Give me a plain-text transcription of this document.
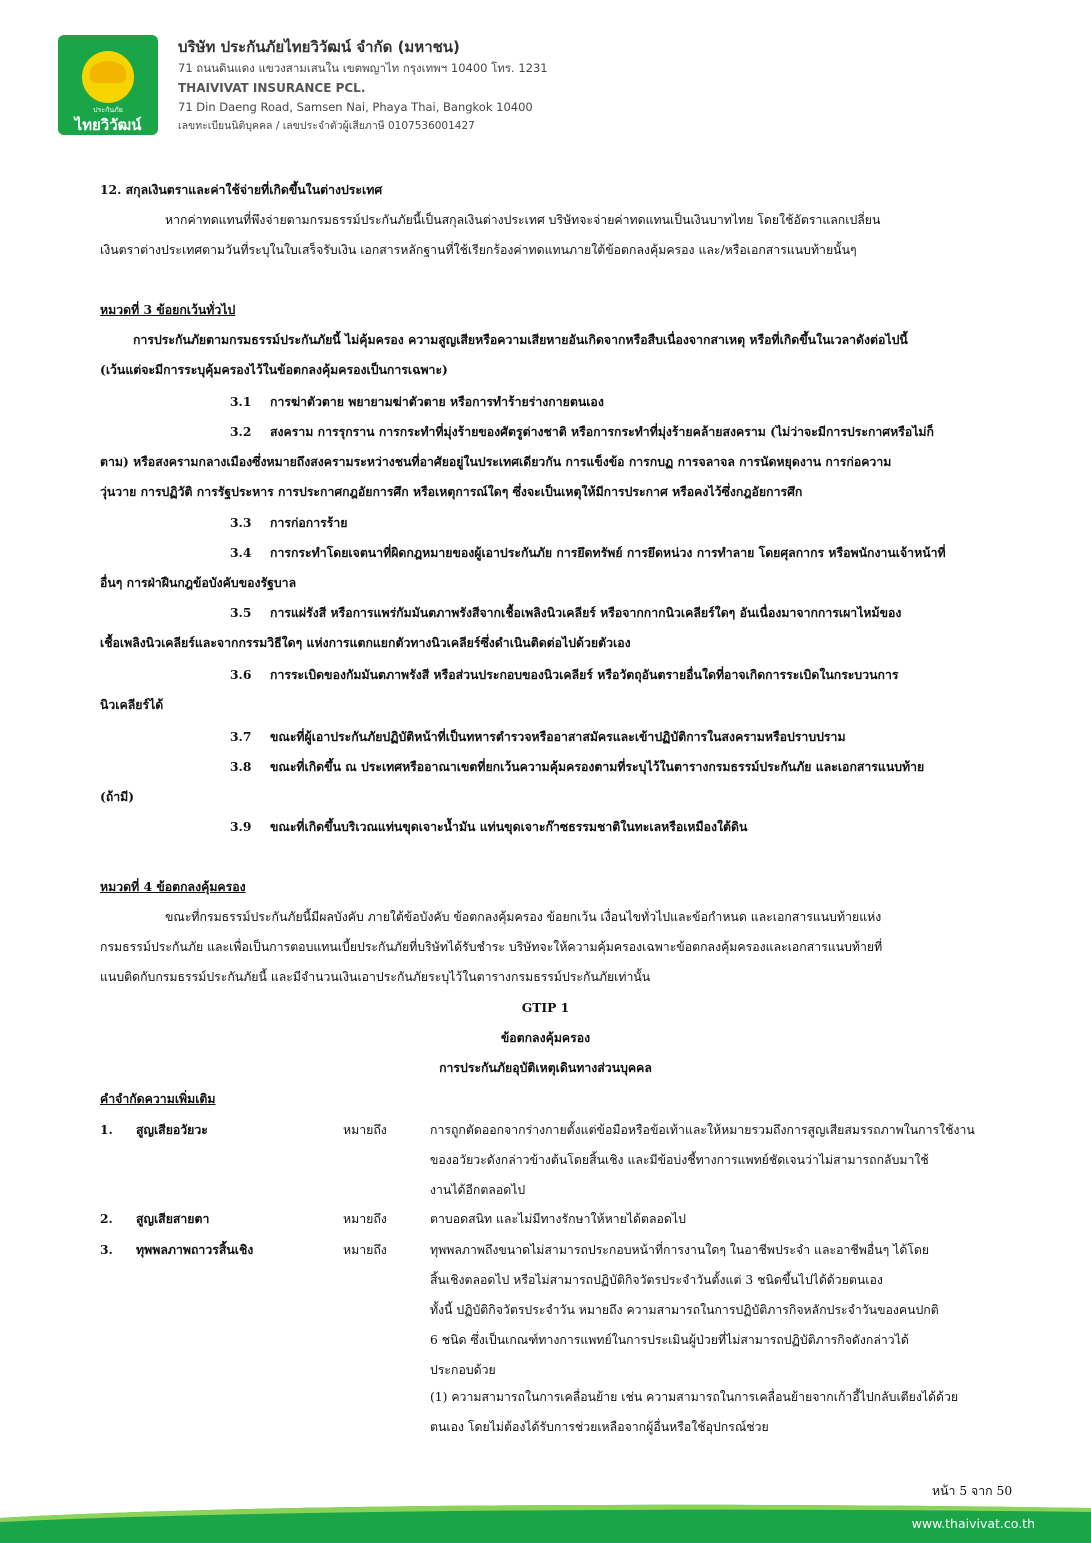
ประกันภัย
ไทยวิวัฒน์
บริษัท ประกันภัยไทยวิวัฒน์ จำกัด (มหาชน)
71 ถนนดินแดง แขวงสามเสนใน เขตพญาไท กรุงเทพฯ 10400 โทร. 1231
THAIVIVAT INSURANCE PCL.
71 Din Daeng Road, Samsen Nai, Phaya Thai, Bangkok 10400
เลขทะเบียนนิติบุคคล / เลขประจำตัวผู้เสียภาษี 0107536001427
12. สกุลเงินตราและค่าใช้จ่ายที่เกิดขึ้นในต่างประเทศ
หากค่าทดแทนที่พึงจ่ายตามกรมธรรม์ประกันภัยนี้เป็นสกุลเงินต่างประเทศ บริษัทจะจ่ายค่าทดแทนเป็นเงินบาทไทย โดยใช้อัตราแลกเปลี่ยน
เงินตราต่างประเทศตามวันที่ระบุในใบเสร็จรับเงิน เอกสารหลักฐานที่ใช้เรียกร้องค่าทดแทนภายใต้ข้อตกลงคุ้มครอง และ/หรือเอกสารแนบท้ายนั้นๆ
หมวดที่ 3 ข้อยกเว้นทั่วไป
การประกันภัยตามกรมธรรม์ประกันภัยนี้ ไม่คุ้มครอง ความสูญเสียหรือความเสียหายอันเกิดจากหรือสืบเนื่องจากสาเหตุ หรือที่เกิดขึ้นในเวลาดังต่อไปนี้
(เว้นแต่จะมีการระบุคุ้มครองไว้ในข้อตกลงคุ้มครองเป็นการเฉพาะ)
3.1 การฆ่าตัวตาย พยายามฆ่าตัวตาย หรือการทำร้ายร่างกายตนเอง
3.2 สงคราม การรุกราน การกระทำที่มุ่งร้ายของศัตรูต่างชาติ หรือการกระทำที่มุ่งร้ายคล้ายสงคราม (ไม่ว่าจะมีการประกาศหรือไม่ก็
ตาม) หรือสงครามกลางเมืองซึ่งหมายถึงสงครามระหว่างชนที่อาศัยอยู่ในประเทศเดียวกัน การแข็งข้อ การกบฏ การจลาจล การนัดหยุดงาน การก่อความ
วุ่นวาย การปฏิวัติ การรัฐประหาร การประกาศกฎอัยการศึก หรือเหตุการณ์ใดๆ ซึ่งจะเป็นเหตุให้มีการประกาศ หรือคงไว้ซึ่งกฎอัยการศึก
3.3 การก่อการร้าย
3.4 การกระทำโดยเจตนาที่ผิดกฎหมายของผู้เอาประกันภัย การยึดทรัพย์ การยึดหน่วง การทำลาย โดยศุลกากร หรือพนักงานเจ้าหน้าที่
อื่นๆ การฝ่าฝืนกฎข้อบังคับของรัฐบาล
3.5 การแผ่รังสี หรือการแพร่กัมมันตภาพรังสีจากเชื้อเพลิงนิวเคลียร์ หรือจากกากนิวเคลียร์ใดๆ อันเนื่องมาจากการเผาไหม้ของ
เชื้อเพลิงนิวเคลียร์และจากกรรมวิธีใดๆ แห่งการแตกแยกตัวทางนิวเคลียร์ซึ่งดำเนินติดต่อไปด้วยตัวเอง
3.6 การระเบิดของกัมมันตภาพรังสี หรือส่วนประกอบของนิวเคลียร์ หรือวัตถุอันตรายอื่นใดที่อาจเกิดการระเบิดในกระบวนการ
นิวเคลียร์ได้
3.7 ขณะที่ผู้เอาประกันภัยปฏิบัติหน้าที่เป็นทหารตำรวจหรืออาสาสมัครและเข้าปฏิบัติการในสงครามหรือปราบปราม
3.8 ขณะที่เกิดขึ้น ณ ประเทศหรืออาณาเขตที่ยกเว้นความคุ้มครองตามที่ระบุไว้ในตารางกรมธรรม์ประกันภัย และเอกสารแนบท้าย
(ถ้ามี)
3.9 ขณะที่เกิดขึ้นบริเวณแท่นขุดเจาะน้ำมัน แท่นขุดเจาะก๊าซธรรมชาติในทะเลหรือเหมืองใต้ดิน
หมวดที่ 4 ข้อตกลงคุ้มครอง
ขณะที่กรมธรรม์ประกันภัยนี้มีผลบังคับ ภายใต้ข้อบังคับ ข้อตกลงคุ้มครอง ข้อยกเว้น เงื่อนไขทั่วไปและข้อกำหนด และเอกสารแนบท้ายแห่ง
กรมธรรม์ประกันภัย และเพื่อเป็นการตอบแทนเบี้ยประกันภัยที่บริษัทได้รับชำระ บริษัทจะให้ความคุ้มครองเฉพาะข้อตกลงคุ้มครองและเอกสารแนบท้ายที่
แนบติดกับกรมธรรม์ประกันภัยนี้ และมีจำนวนเงินเอาประกันภัยระบุไว้ในตารางกรมธรรม์ประกันภัยเท่านั้น
GTIP 1
ข้อตกลงคุ้มครอง
การประกันภัยอุบัติเหตุเดินทางส่วนบุคคล
คำจำกัดความเพิ่มเติม
1. สูญเสียอวัยวะ	หมายถึง	การถูกตัดออกจากร่างกายตั้งแต่ข้อมือหรือข้อเท้าและให้หมายรวมถึงการสูญเสียสมรรถภาพในการใช้งาน
ของอวัยวะดังกล่าวข้างต้นโดยสิ้นเชิง และมีข้อบ่งชี้ทางการแพทย์ชัดเจนว่าไม่สามารถกลับมาใช้
งานได้อีกตลอดไป
2. สูญเสียสายตา	หมายถึง	ตาบอดสนิท และไม่มีทางรักษาให้หายได้ตลอดไป
3. ทุพพลภาพถาวรสิ้นเชิง	หมายถึง	ทุพพลภาพถึงขนาดไม่สามารถประกอบหน้าที่การงานใดๆ ในอาชีพประจำ และอาชีพอื่นๆ ได้โดย
สิ้นเชิงตลอดไป หรือไม่สามารถปฏิบัติกิจวัตรประจำวันตั้งแต่ 3 ชนิดขึ้นไปได้ด้วยตนเอง
ทั้งนี้ ปฏิบัติกิจวัตรประจำวัน หมายถึง ความสามารถในการปฏิบัติภารกิจหลักประจำวันของคนปกติ
6 ชนิด ซึ่งเป็นเกณฑ์ทางการแพทย์ในการประเมินผู้ป่วยที่ไม่สามารถปฏิบัติภารกิจดังกล่าวได้
ประกอบด้วย
(1) ความสามารถในการเคลื่อนย้าย เช่น ความสามารถในการเคลื่อนย้ายจากเก้าอี้ไปกลับเตียงได้ด้วย
ตนเอง โดยไม่ต้องได้รับการช่วยเหลือจากผู้อื่นหรือใช้อุปกรณ์ช่วย
หน้า 5 จาก 50
www.thaivivat.co.th
